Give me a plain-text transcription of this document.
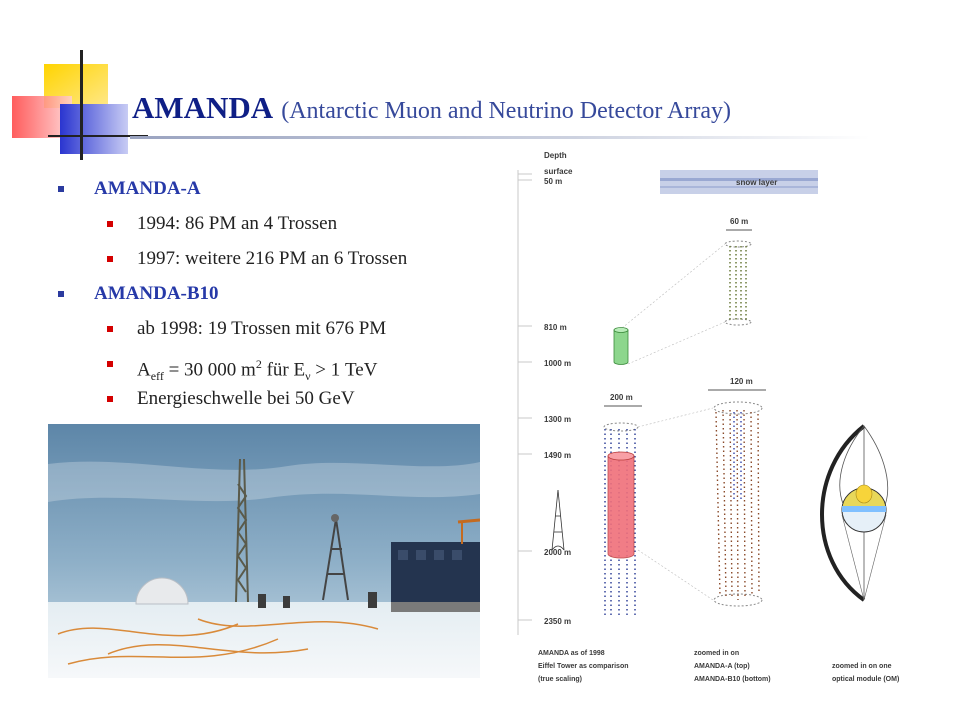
AMANDA (Antarctic Muon and Neutrino Detector Array)
AMANDA-A
1994: 86 PM an 4 Trossen
1997: weitere 216 PM an 6 Trossen
AMANDA-B10
ab 1998: 19 Trossen mit 676 PM
$A_{eff} = 30$ 000 $m^2$ für $E_\nu > 1$ TeV
Energieschwelle bei 50 GeV
Depth
surface
50 m
810 m
1000 m
1300 m
1490 m
2000 m
2350 m
snow layer
60 m
200 m
120 m
AMANDA as of 1998
Eiffel Tower as comparison
(true scaling)
zoomed in on
AMANDA-A (top)
AMANDA-B10 (bottom)
zoomed in on one
optical module (OM)
